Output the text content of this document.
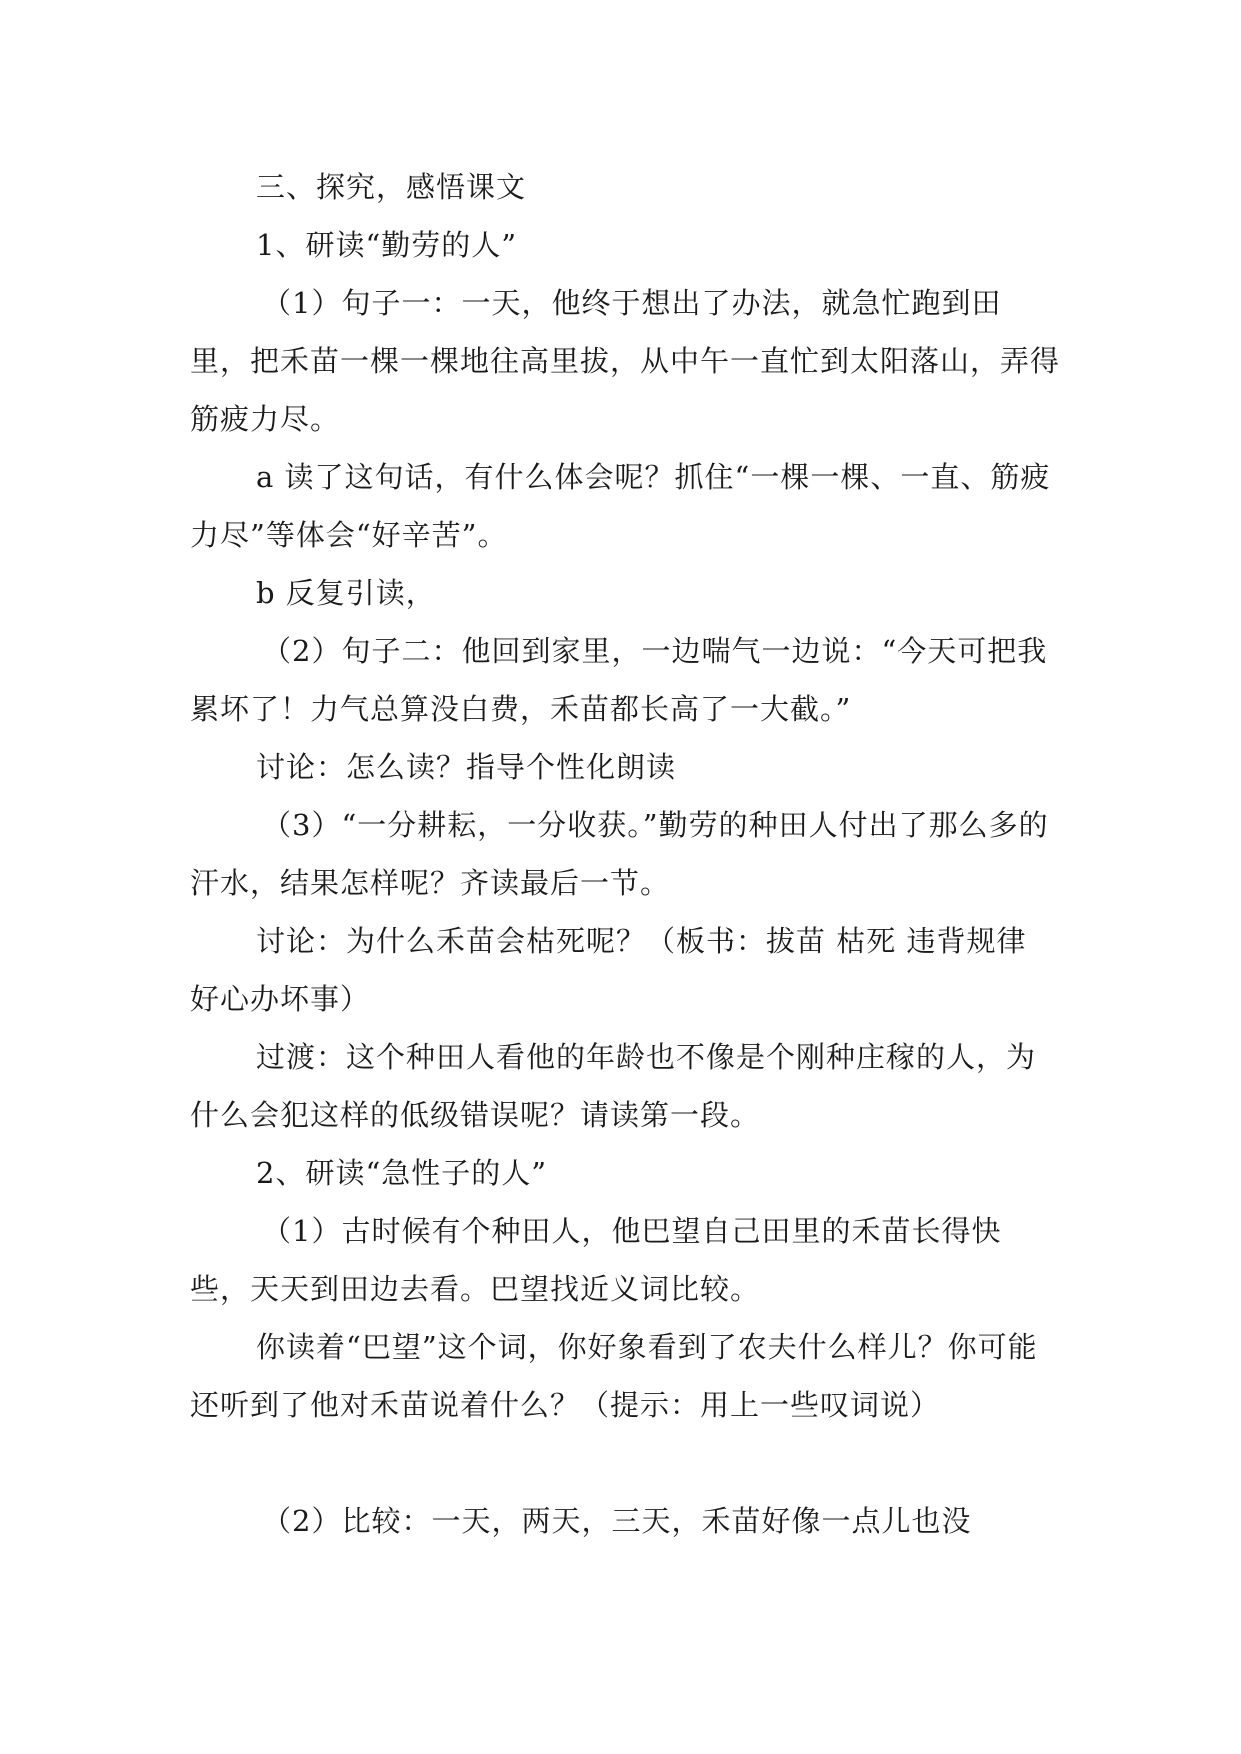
三、探究，感悟课文

1、研读“勤劳的人”

（1）句子一：一天，他终于想出了办法，就急忙跑到田里，把禾苗一棵一棵地往高里拔，从中午一直忙到太阳落山，弄得筋疲力尽。

a 读了这句话，有什么体会呢？抓住“一棵一棵、一直、筋疲力尽”等体会“好辛苦”。

b 反复引读，

（2）句子二：他回到家里，一边喘气一边说：“今天可把我累坏了！力气总算没白费，禾苗都长高了一大截。”

讨论：怎么读？指导个性化朗读

（3）“一分耕耘，一分收获。”勤劳的种田人付出了那么多的汗水，结果怎样呢？齐读最后一节。

讨论：为什么禾苗会枯死呢？（板书：拔苗 枯死 违背规律 好心办坏事）

过渡：这个种田人看他的年龄也不像是个刚种庄稼的人，为什么会犯这样的低级错误呢？请读第一段。

2、研读“急性子的人”

（1）古时候有个种田人，他巴望自己田里的禾苗长得快些，天天到田边去看。巴望找近义词比较。

你读着“巴望”这个词，你好象看到了农夫什么样儿？你可能还听到了他对禾苗说着什么？（提示：用上一些叹词说）

（2）比较：一天，两天，三天，禾苗好像一点儿也没
